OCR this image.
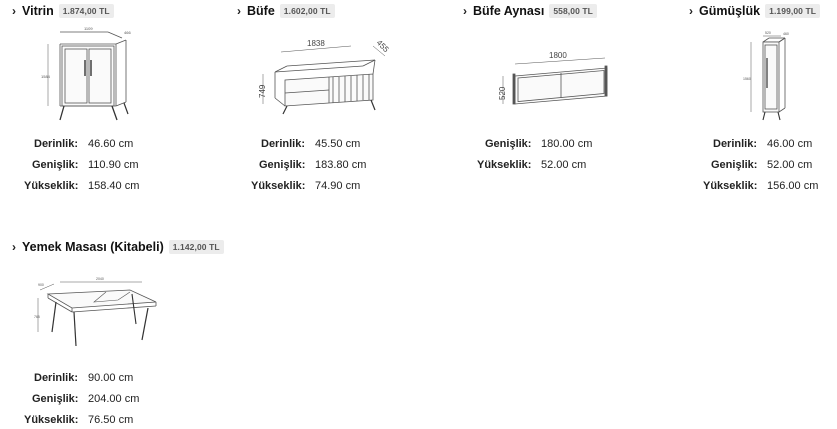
› Vitrin	1.874,00 TL
1109
466
1584
Derinlik: 46.60 cm
Genişlik: 110.90 cm
Yükseklik: 158.40 cm
› Büfe	1.602,00 TL
1838	455
749
Derinlik: 45.50 cm
Genişlik: 183.80 cm
Yükseklik: 74.90 cm
› Büfe Aynası	558,00 TL
1800
520
Genişlik: 180.00 cm
Yükseklik: 52.00 cm
› Gümüşlük	1.199,00 TL
520	460
1560
Derinlik: 46.00 cm
Genişlik: 52.00 cm
Yükseklik: 156.00 cm
› Yemek Masası (Kitabeli)	1.142,00 TL
2040
900
765
Derinlik: 90.00 cm
Genişlik: 204.00 cm
Yükseklik: 76.50 cm
